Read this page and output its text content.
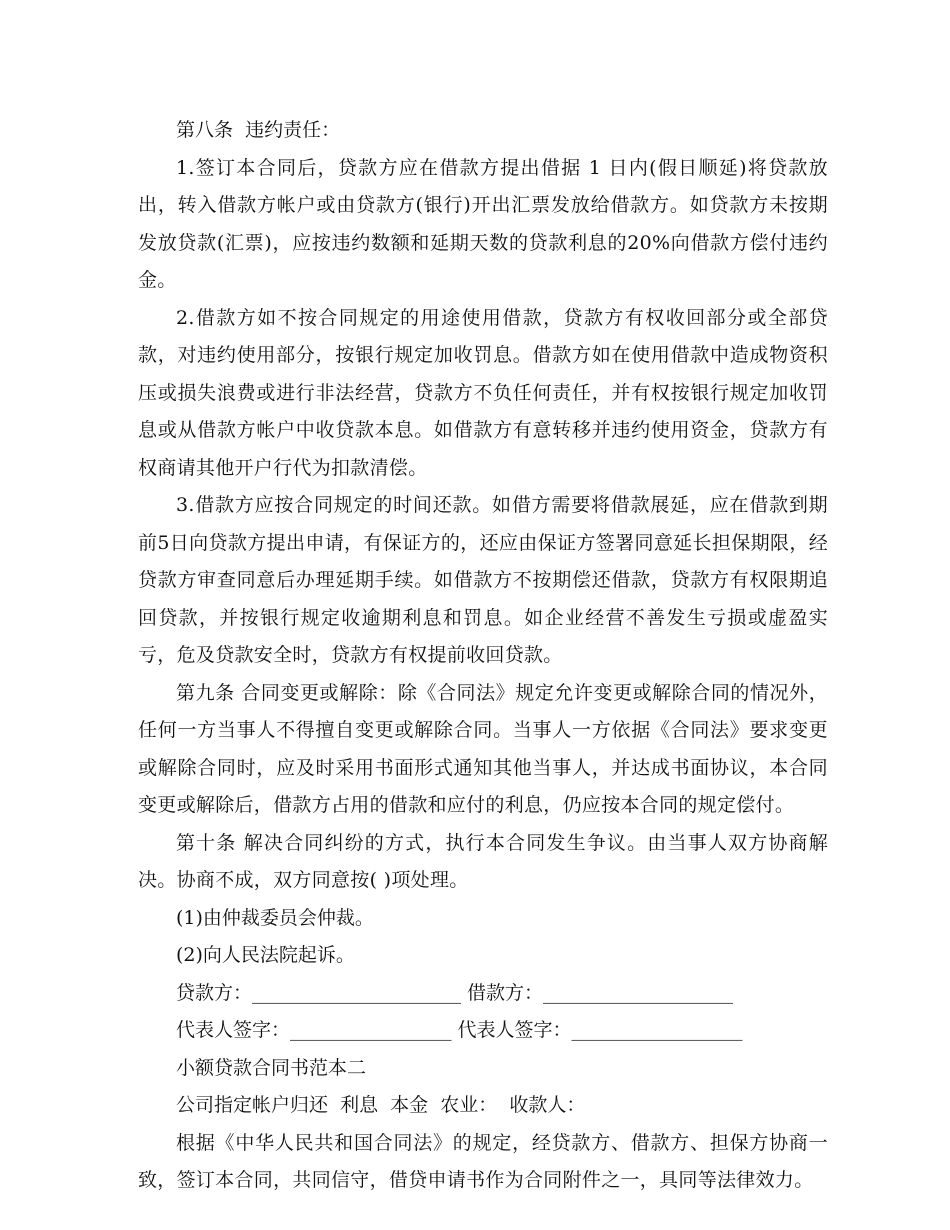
第八条  违约责任：

1.签订本合同后，贷款方应在借款方提出借据 1 日内(假日顺延)将贷款放出，转入借款方帐户或由贷款方(银行)开出汇票发放给借款方。如贷款方未按期发放贷款(汇票)，应按违约数额和延期天数的贷款利息的20%向借款方偿付违约金。

2.借款方如不按合同规定的用途使用借款，贷款方有权收回部分或全部贷款，对违约使用部分，按银行规定加收罚息。借款方如在使用借款中造成物资积压或损失浪费或进行非法经营，贷款方不负任何责任，并有权按银行规定加收罚息或从借款方帐户中收贷款本息。如借款方有意转移并违约使用资金，贷款方有权商请其他开户行代为扣款清偿。

3.借款方应按合同规定的时间还款。如借方需要将借款展延，应在借款到期前5日向贷款方提出申请，有保证方的，还应由保证方签署同意延长担保期限，经贷款方审查同意后办理延期手续。如借款方不按期偿还借款，贷款方有权限期追回贷款，并按银行规定收逾期利息和罚息。如企业经营不善发生亏损或虚盈实亏，危及贷款安全时，贷款方有权提前收回贷款。

第九条 合同变更或解除：除《合同法》规定允许变更或解除合同的情况外，任何一方当事人不得擅自变更或解除合同。当事人一方依据《合同法》要求变更或解除合同时，应及时采用书面形式通知其他当事人，并达成书面协议，本合同变更或解除后，借款方占用的借款和应付的利息，仍应按本合同的规定偿付。

第十条 解决合同纠纷的方式，执行本合同发生争议。由当事人双方协商解决。协商不成，双方同意按( )项处理。

(1)由仲裁委员会仲裁。

(2)向人民法院起诉。

贷款方：______________________ 借款方：____________________

代表人签字：_________________ 代表人签字：__________________

小额贷款合同书范本二

公司指定帐户归还  利息  本金  农业：  收款人：

根据《中华人民共和国合同法》的规定，经贷款方、借款方、担保方协商一致，签订本合同，共同信守，借贷申请书作为合同附件之一，具同等法律效力。
